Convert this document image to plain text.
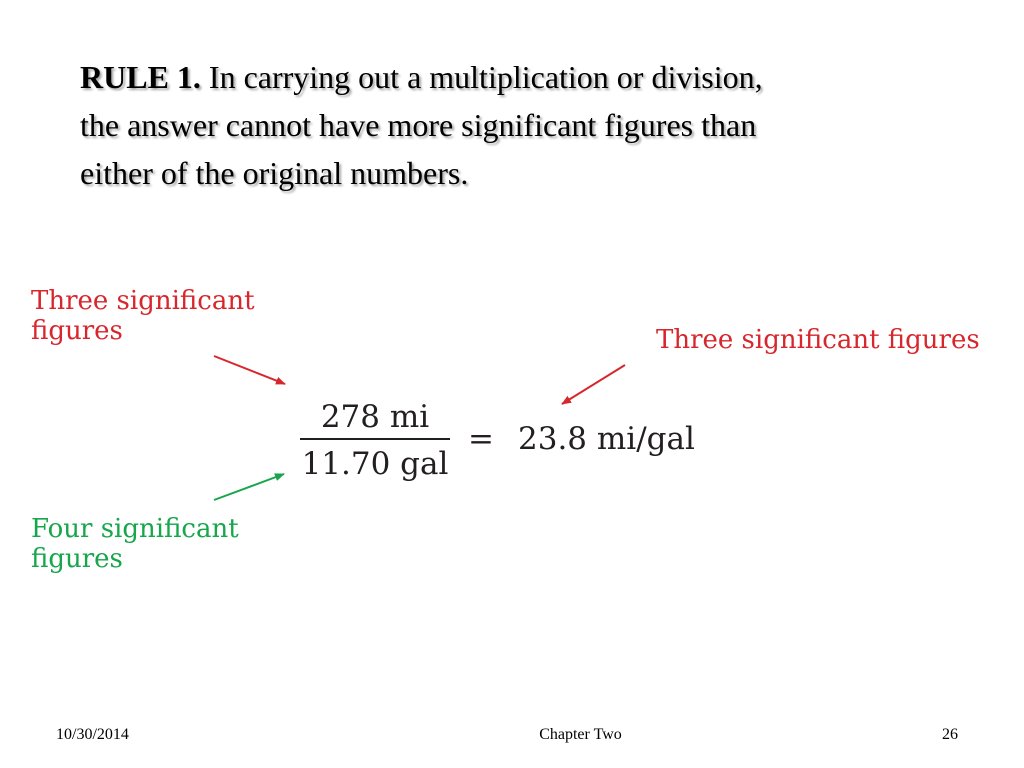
RULE 1. In carrying out a multiplication or division,
the answer cannot have more significant figures than
either of the original numbers.

Three significant
figures	Three significant figures
Four significant
figures
278 mi
11.70 gal
= 23.8 mi/gal
10/30/2014	Chapter Two	26
